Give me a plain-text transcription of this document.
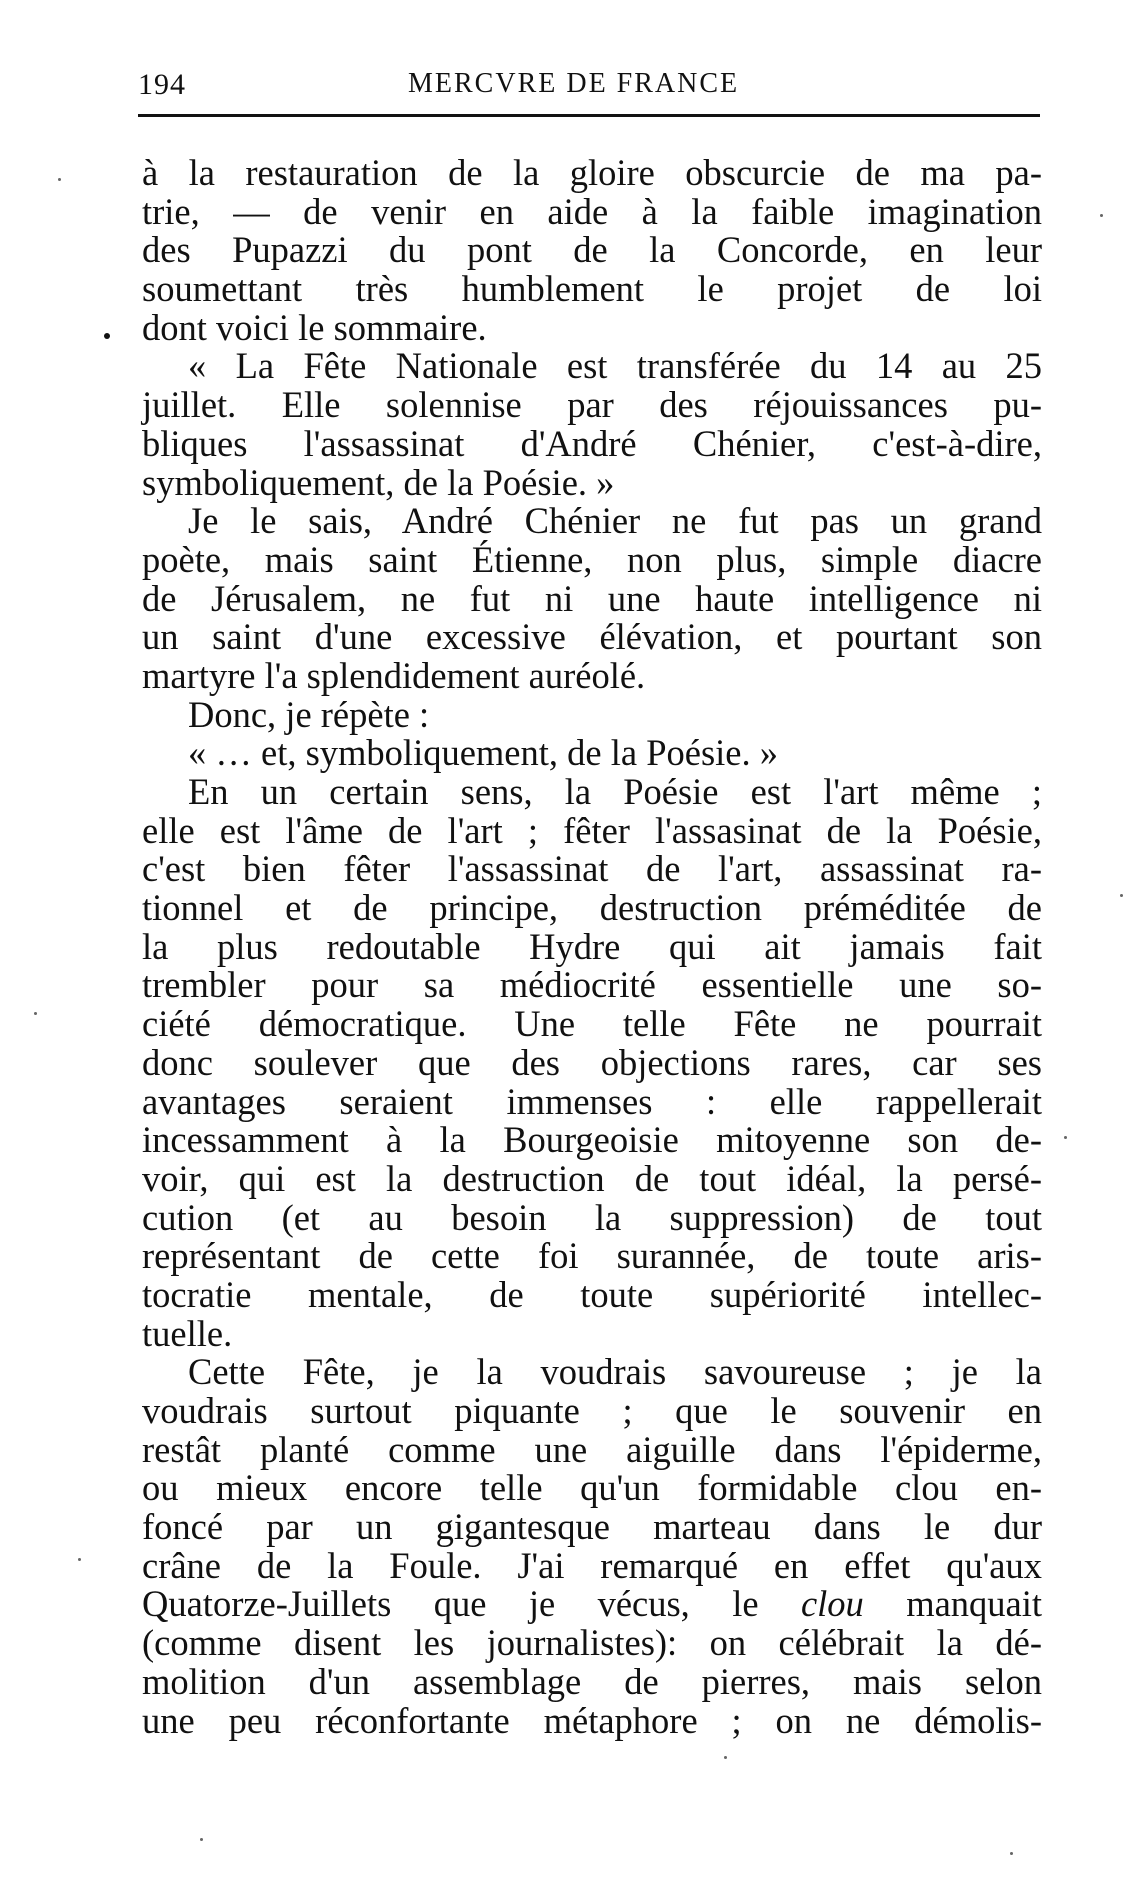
194	MERCVRE DE FRANCE
à la restauration de la gloire obscurcie de ma pa-
trie, — de venir en aide à la faible imagination
des Pupazzi du pont de la Concorde, en leur
soumettant très humblement le projet de loi
dont voici le sommaire.
« La Fête Nationale est transférée du 14 au 25
juillet. Elle solennise par des réjouissances pu-
bliques l'assassinat d'André Chénier, c'est-à-dire,
symboliquement, de la Poésie. »
Je le sais, André Chénier ne fut pas un grand
poète, mais saint Étienne, non plus, simple diacre
de Jérusalem, ne fut ni une haute intelligence ni
un saint d'une excessive élévation, et pourtant son
martyre l'a splendidement auréolé.
Donc, je répète :
« … et, symboliquement, de la Poésie. »
En un certain sens, la Poésie est l'art même ;
elle est l'âme de l'art ; fêter l'assasinat de la Poésie,
c'est bien fêter l'assassinat de l'art, assassinat ra-
tionnel et de principe, destruction préméditée de
la plus redoutable Hydre qui ait jamais fait
trembler pour sa médiocrité essentielle une so-
ciété démocratique. Une telle Fête ne pourrait
donc soulever que des objections rares, car ses
avantages seraient immenses : elle rappellerait
incessamment à la Bourgeoisie mitoyenne son de-
voir, qui est la destruction de tout idéal, la persé-
cution (et au besoin la suppression) de tout
représentant de cette foi surannée, de toute aris-
tocratie mentale, de toute supériorité intellec-
tuelle.
Cette Fête, je la voudrais savoureuse ; je la
voudrais surtout piquante ; que le souvenir en
restât planté comme une aiguille dans l'épiderme,
ou mieux encore telle qu'un formidable clou en-
foncé par un gigantesque marteau dans le dur
crâne de la Foule. J'ai remarqué en effet qu'aux
Quatorze-Juillets que je vécus, le clou manquait
(comme disent les journalistes): on célébrait la dé-
molition d'un assemblage de pierres, mais selon
une peu réconfortante métaphore ; on ne démolis-
